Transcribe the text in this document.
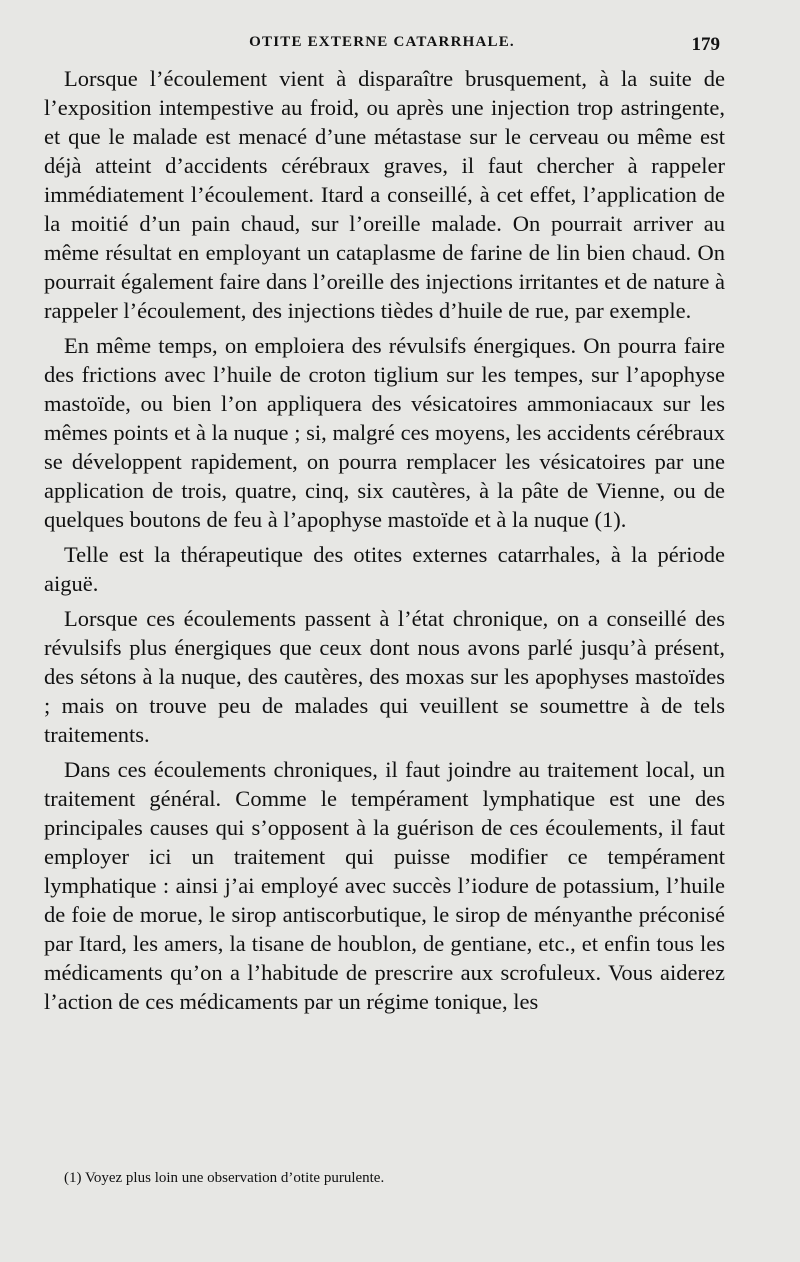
OTITE EXTERNE CATARRHALE.	179

Lorsque l’écoulement vient à disparaître brusquement, à la suite de l’exposition intempestive au froid, ou après une injection trop astringente, et que le malade est menacé d’une métastase sur le cerveau ou même est déjà atteint d’accidents cérébraux graves, il faut chercher à rappeler immédiatement l’écoulement. Itard a conseillé, à cet effet, l’application de la moitié d’un pain chaud, sur l’oreille malade. On pourrait arriver au même résultat en employant un cataplasme de farine de lin bien chaud. On pourrait également faire dans l’oreille des injections irritantes et de nature à rappeler l’écoulement, des injections tièdes d’huile de rue, par exemple.

En même temps, on emploiera des révulsifs énergiques. On pourra faire des frictions avec l’huile de croton tiglium sur les tempes, sur l’apophyse mastoïde, ou bien l’on appliquera des vésicatoires ammoniacaux sur les mêmes points et à la nuque ; si, malgré ces moyens, les accidents cérébraux se développent rapidement, on pourra remplacer les vésicatoires par une application de trois, quatre, cinq, six cautères, à la pâte de Vienne, ou de quelques boutons de feu à l’apophyse mastoïde et à la nuque (1).

Telle est la thérapeutique des otites externes catarrhales, à la période aiguë.

Lorsque ces écoulements passent à l’état chronique, on a conseillé des révulsifs plus énergiques que ceux dont nous avons parlé jusqu’à présent, des sétons à la nuque, des cautères, des moxas sur les apophyses mastoïdes ; mais on trouve peu de malades qui veuillent se soumettre à de tels traitements.

Dans ces écoulements chroniques, il faut joindre au traitement local, un traitement général. Comme le tempérament lymphatique est une des principales causes qui s’opposent à la guérison de ces écoulements, il faut employer ici un traitement qui puisse modifier ce tempérament lymphatique : ainsi j’ai employé avec succès l’iodure de potassium, l’huile de foie de morue, le sirop antiscorbutique, le sirop de ményanthe préconisé par Itard, les amers, la tisane de houblon, de gentiane, etc., et enfin tous les médicaments qu’on a l’habitude de prescrire aux scrofuleux. Vous aiderez l’action de ces médicaments par un régime tonique, les

(1) Voyez plus loin une observation d’otite purulente.
